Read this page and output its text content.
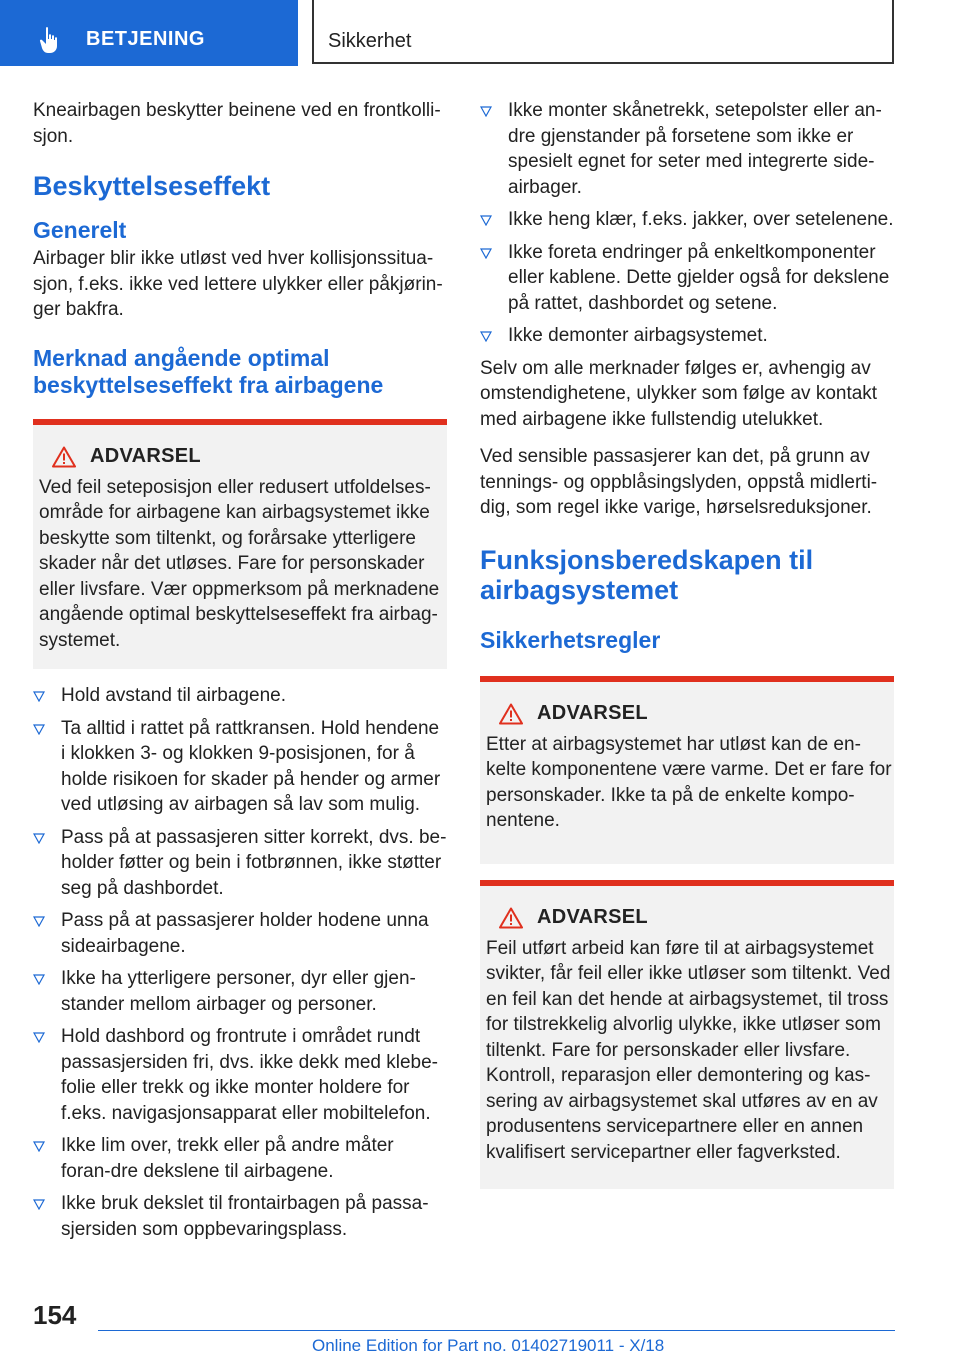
BETJENING	Sikkerhet

Kneairbagen beskytter beinene ved en frontkolli-sjon.

Beskyttelseseffekt
Generelt

Airbager blir ikke utløst ved hver kollisjonssitua-sjon, f.eks. ikke ved lettere ulykker eller påkjørin-ger bakfra.

Merknad angående optimal beskyttelseseffekt fra airbagene
ADVARSEL
Ved feil seteposisjon eller redusert utfoldelses-område for airbagene kan airbagsystemet ikke beskytte som tiltenkt, og forårsake ytterligere skader når det utløses. Fare for personskader eller livsfare. Vær oppmerksom på merknadene angående optimal beskyttelseseffekt fra airbag-systemet.
Hold avstand til airbagene.
Ta alltid i rattet på rattkransen. Hold hendene i klokken 3- og klokken 9-posisjonen, for å holde risikoen for skader på hender og armer ved utløsing av airbagen så lav som mulig.
Pass på at passasjeren sitter korrekt, dvs. be-holder føtter og bein i fotbrønnen, ikke støtter seg på dashbordet.
Pass på at passasjerer holder hodene unna sideairbagene.
Ikke ha ytterligere personer, dyr eller gjen-stander mellom airbager og personer.
Hold dashbord og frontrute i området rundt passasjersiden fri, dvs. ikke dekk med klebe-folie eller trekk og ikke monter holdere for f.eks. navigasjonsapparat eller mobiltelefon.
Ikke lim over, trekk eller på andre måter foran-dre dekslene til airbagene.
Ikke bruk dekslet til frontairbagen på passa-sjersiden som oppbevaringsplass.
Ikke monter skånetrekk, setepolster eller an-dre gjenstander på forsetene som ikke er spesielt egnet for seter med integrerte side-airbager.
Ikke heng klær, f.eks. jakker, over setelenene.
Ikke foreta endringer på enkeltkomponenter eller kablene. Dette gjelder også for dekslene på rattet, dashbordet og setene.
Ikke demonter airbagsystemet.

Selv om alle merknader følges er, avhengig av omstendighetene, ulykker som følge av kontakt med airbagene ikke fullstendig utelukket.

Ved sensible passasjerer kan det, på grunn av tennings- og oppblåsingslyden, oppstå midlerti-dig, som regel ikke varige, hørselsreduksjoner.

Funksjonsberedskapen til airbagsystemet
Sikkerhetsregler
ADVARSEL
Etter at airbagsystemet har utløst kan de en-kelte komponentene være varme. Det er fare for personskader. Ikke ta på de enkelte kompo-nentene.
ADVARSEL
Feil utført arbeid kan føre til at airbagsystemet svikter, får feil eller ikke utløser som tiltenkt. Ved en feil kan det hende at airbagsystemet, til tross for tilstrekkelig alvorlig ulykke, ikke utløser som tiltenkt. Fare for personskader eller livsfare. Kontroll, reparasjon eller demontering og kas-sering av airbagsystemet skal utføres av en av produsentens servicepartnere eller en annen kvalifisert servicepartner eller fagverksted.
154
Online Edition for Part no. 01402719011 - X/18
